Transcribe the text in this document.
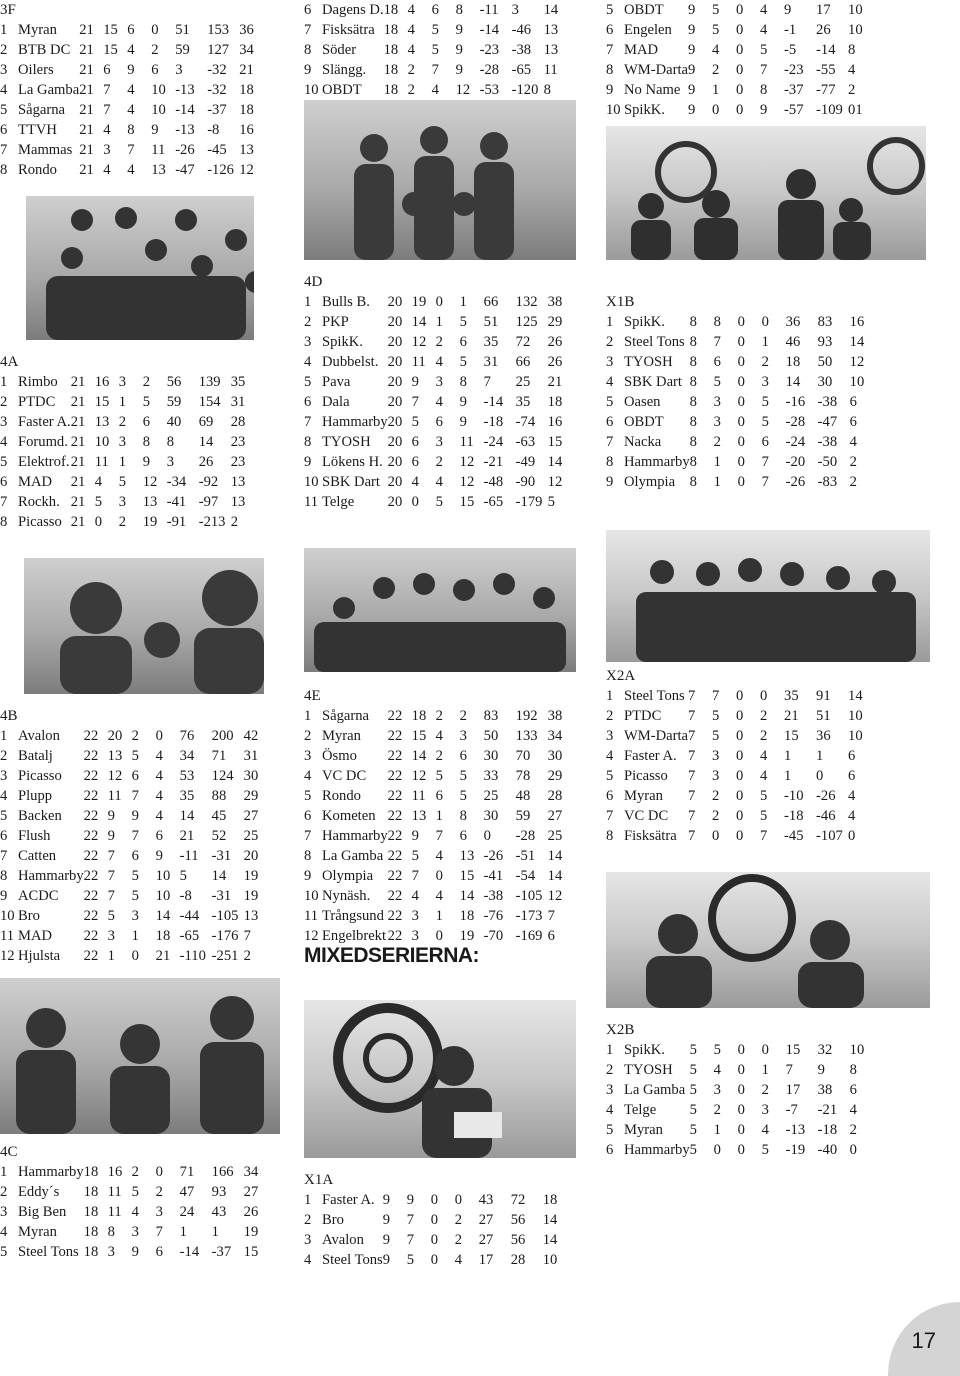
3F
1	Myran	21	15	6	0	51	153	36
2	BTB DC	21	15	4	2	59	127	34
3	Oilers	21	6	9	6	3	-32	21
4	La Gamba	21	7	4	10	-13	-32	18
5	Sågarna	21	7	4	10	-14	-37	18
6	TTVH	21	4	8	9	-13	-8	16
7	Mammas	21	3	7	11	-26	-45	13
8	Rondo	21	4	4	13	-47	-126	12
6	Dagens D.	18	4	6	8	-11	3	14
7	Fisksätra	18	4	5	9	-14	-46	13
8	Söder	18	4	5	9	-23	-38	13
9	Slängg.	18	2	7	9	-28	-65	11
10	OBDT	18	2	4	12	-53	-120	8
5	OBDT	9	5	0	4	9	17	10
6	Engelen	9	5	0	4	-1	26	10
7	MAD	9	4	0	5	-5	-14	8
8	WM-Darta	9	2	0	7	-23	-55	4
9	No Name	9	1	0	8	-37	-77	2
10	SpikK.	9	0	0	9	-57	-109	01
4A
1	Rimbo	21	16	3	2	56	139	35
2	PTDC	21	15	1	5	59	154	31
3	Faster A.	21	13	2	6	40	69	28
4	Forumd.	21	10	3	8	8	14	23
5	Elektrof.	21	11	1	9	3	26	23
6	MAD	21	4	5	12	-34	-92	13
7	Rockh.	21	5	3	13	-41	-97	13
8	Picasso	21	0	2	19	-91	-213	2
4D
1	Bulls B.	20	19	0	1	66	132	38
2	PKP	20	14	1	5	51	125	29
3	SpikK.	20	12	2	6	35	72	26
4	Dubbelst.	20	11	4	5	31	66	26
5	Pava	20	9	3	8	7	25	21
6	Dala	20	7	4	9	-14	35	18
7	Hammarby	20	5	6	9	-18	-74	16
8	TYOSH	20	6	3	11	-24	-63	15
9	Lökens H.	20	6	2	12	-21	-49	14
10	SBK Dart	20	4	4	12	-48	-90	12
11	Telge	20	0	5	15	-65	-179	5
X1B
1	SpikK.	8	8	0	0	36	83	16
2	Steel Tons	8	7	0	1	46	93	14
3	TYOSH	8	6	0	2	18	50	12
4	SBK Dart	8	5	0	3	14	30	10
5	Oasen	8	3	0	5	-16	-38	6
6	OBDT	8	3	0	5	-28	-47	6
7	Nacka	8	2	0	6	-24	-38	4
8	Hammarby	8	1	0	7	-20	-50	2
9	Olympia	8	1	0	7	-26	-83	2
4B
1	Avalon	22	20	2	0	76	200	42
2	Batalj	22	13	5	4	34	71	31
3	Picasso	22	12	6	4	53	124	30
4	Plupp	22	11	7	4	35	88	29
5	Backen	22	9	9	4	14	45	27
6	Flush	22	9	7	6	21	52	25
7	Catten	22	7	6	9	-11	-31	20
8	Hammarby	22	7	5	10	5	14	19
9	ACDC	22	7	5	10	-8	-31	19
10	Bro	22	5	3	14	-44	-105	13
11	MAD	22	3	1	18	-65	-176	7
12	Hjulsta	22	1	0	21	-110	-251	2
4E
1	Sågarna	22	18	2	2	83	192	38
2	Myran	22	15	4	3	50	133	34
3	Ösmo	22	14	2	6	30	70	30
4	VC DC	22	12	5	5	33	78	29
5	Rondo	22	11	6	5	25	48	28
6	Kometen	22	13	1	8	30	59	27
7	Hammarby	22	9	7	6	0	-28	25
8	La Gamba	22	5	4	13	-26	-51	14
9	Olympia	22	7	0	15	-41	-54	14
10	Nynäsh.	22	4	4	14	-38	-105	12
11	Trångsund	22	3	1	18	-76	-173	7
12	Engelbrekt	22	3	0	19	-70	-169	6
X2A
1	Steel Tons	7	7	0	0	35	91	14
2	PTDC	7	5	0	2	21	51	10
3	WM-Darta	7	5	0	2	15	36	10
4	Faster A.	7	3	0	4	1	1	6
5	Picasso	7	3	0	4	1	0	6
6	Myran	7	2	0	5	-10	-26	4
7	VC DC	7	2	0	5	-18	-46	4
8	Fisksätra	7	0	0	7	-45	-107	0
X2B
1	SpikK.	5	5	0	0	15	32	10
2	TYOSH	5	4	0	1	7	9	8
3	La Gamba	5	3	0	2	17	38	6
4	Telge	5	2	0	3	-7	-21	4
5	Myran	5	1	0	4	-13	-18	2
6	Hammarby	5	0	0	5	-19	-40	0
4C
1	Hammarby	18	16	2	0	71	166	34
2	Eddy´s	18	11	5	2	47	93	27
3	Big Ben	18	11	4	3	24	43	26
4	Myran	18	8	3	7	1	1	19
5	Steel Tons	18	3	9	6	-14	-37	15
X1A
1	Faster A.	9	9	0	0	43	72	18
2	Bro	9	7	0	2	27	56	14
3	Avalon	9	7	0	2	27	56	14
4	Steel Tons	9	5	0	4	17	28	10
MIXEDSERIERNA:
17
